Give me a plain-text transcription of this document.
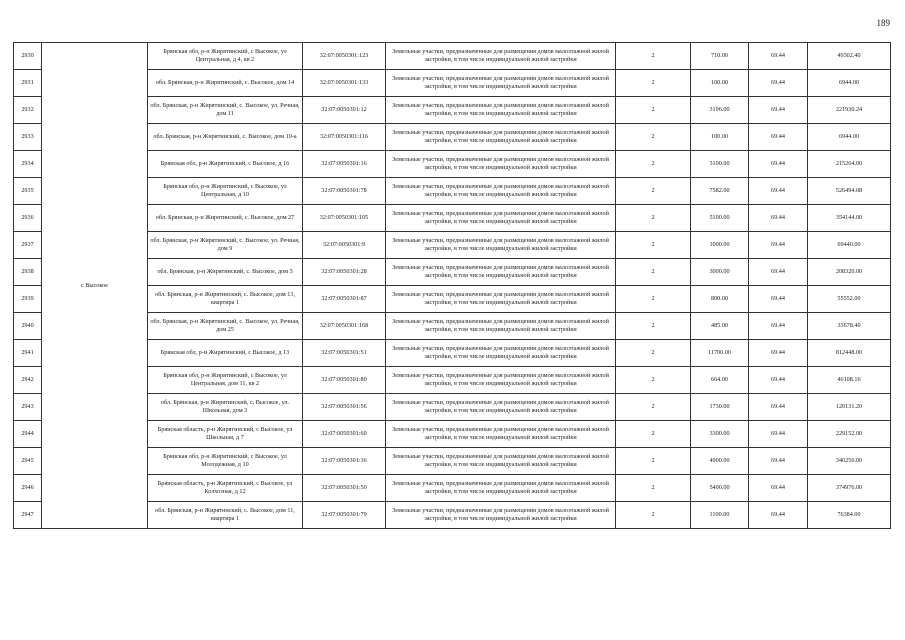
189
2930	с Высокое	Брянская обл, р-н Жирятинский, с Высокое, ул Центральная, д 4, кв 2	32:07:0050301:123	Земельные участки, предназначенные для размещения домов малоэтажной жилой застройки, в том числе индивидуальной жилой застройки	2	710.00	69.44	49302.40
2931		обл. Брянская, р-н Жирятинский, с. Высокое, дом 14	32:07:0050301:133	Земельные участки, предназначенные для размещения домов малоэтажной жилой застройки, в том числе индивидуальной жилой застройки	2	100.00	69.44	6944.00
2932		обл. Брянская, р-н Жирятинский, с. Высокое, ул. Речная, дом 11	32:07:0050301:12	Земельные участки, предназначенные для размещения домов малоэтажной жилой застройки, в том числе индивидуальной жилой застройки	2	3196.00	69.44	221930.24
2933		обл. Брянская, р-н Жирятинский, с. Высокое, дом 10-а	32:07:0050301:116	Земельные участки, предназначенные для размещения домов малоэтажной жилой застройки, в том числе индивидуальной жилой застройки	2	100.00	69.44	6944.00
2934		Брянская обл, р-н Жирятинский, с Высокое, д 16	32:07:0050301:16	Земельные участки, предназначенные для размещения домов малоэтажной жилой застройки, в том числе индивидуальной жилой застройки	2	3100.00	69.44	215264.00
2935		Брянская обл, р-н Жирятинский, с Высокое, ул Центральная, д 10	32:07:0050301:78	Земельные участки, предназначенные для размещения домов малоэтажной жилой застройки, в том числе индивидуальной жилой застройки	2	7582.00	69.44	526494.08
2936		обл. Брянская, р-н Жирятинский, с. Высокое, дом 27	32:07:0050301:105	Земельные участки, предназначенные для размещения домов малоэтажной жилой застройки, в том числе индивидуальной жилой застройки	2	5100.00	69.44	354144.00
2937		обл. Брянская, р-н Жирятинский, с. Высокое, ул. Речная, дом 9	32:07:0050301:9	Земельные участки, предназначенные для размещения домов малоэтажной жилой застройки, в том числе индивидуальной жилой застройки	2	1000.00	69.44	69440.00
2938		обл. Брянская, р-н Жирятинский, с. Высокое, дом 5	32:07:0050301:28	Земельные участки, предназначенные для размещения домов малоэтажной жилой застройки, в том числе индивидуальной жилой застройки	2	3000.00	69.44	208320.00
2939		обл. Брянская, р-н Жирятинский, с. Высокое, дом 13, квартира 1	32:07:0050301:87	Земельные участки, предназначенные для размещения домов малоэтажной жилой застройки, в том числе индивидуальной жилой застройки	2	800.00	69.44	55552.00
2940		обл. Брянская, р-н Жирятинский, с. Высокое, ул. Речная, дом 25	32:07:0050301:168	Земельные участки, предназначенные для размещения домов малоэтажной жилой застройки, в том числе индивидуальной жилой застройки	2	485.00	69.44	33678.40
2941		Брянская обл, р-н Жирятинский, с Высокое, д 13	32:07:0050301:51	Земельные участки, предназначенные для размещения домов малоэтажной жилой застройки, в том числе индивидуальной жилой застройки	2	11700.00	69.44	812448.00
2942		Брянская обл, р-н Жирятинский, с Высокое, ул Центральная, дом 11, кв 2	32:07:0050301:80	Земельные участки, предназначенные для размещения домов малоэтажной жилой застройки, в том числе индивидуальной жилой застройки	2	664.00	69.44	46108.16
2943		обл. Брянская, р-н Жирятинский, с. Высокое, ул. Школьная, дом 3	32:07:0050301:56	Земельные участки, предназначенные для размещения домов малоэтажной жилой застройки, в том числе индивидуальной жилой застройки	2	1730.00	69.44	120131.20
2944		Брянская область, р-н Жирятинский, с Высокое, ул Школьная, д 7	32:07:0050301:60	Земельные участки, предназначенные для размещения домов малоэтажной жилой застройки, в том числе индивидуальной жилой застройки	2	3300.00	69.44	229152.00
2945		Брянская обл, р-н Жирятинский, с Высокое, ул Молодежная, д 10	32:07:0050301:36	Земельные участки, предназначенные для размещения домов малоэтажной жилой застройки, в том числе индивидуальной жилой застройки	2	4900.00	69.44	340256.00
2946		Брянская область, р-н Жирятинский, с Высокое, ул Колхозная, д 12	32:07:0050301:50	Земельные участки, предназначенные для размещения домов малоэтажной жилой застройки, в том числе индивидуальной жилой застройки	2	5400.00	69.44	374976.00
2947		обл. Брянская, р-н Жирятинский, с. Высокое, дом 11, квартира 1	32:07:0050301:79	Земельные участки, предназначенные для размещения домов малоэтажной жилой застройки, в том числе индивидуальной жилой застройки	2	1100.00	69.44	76384.00
